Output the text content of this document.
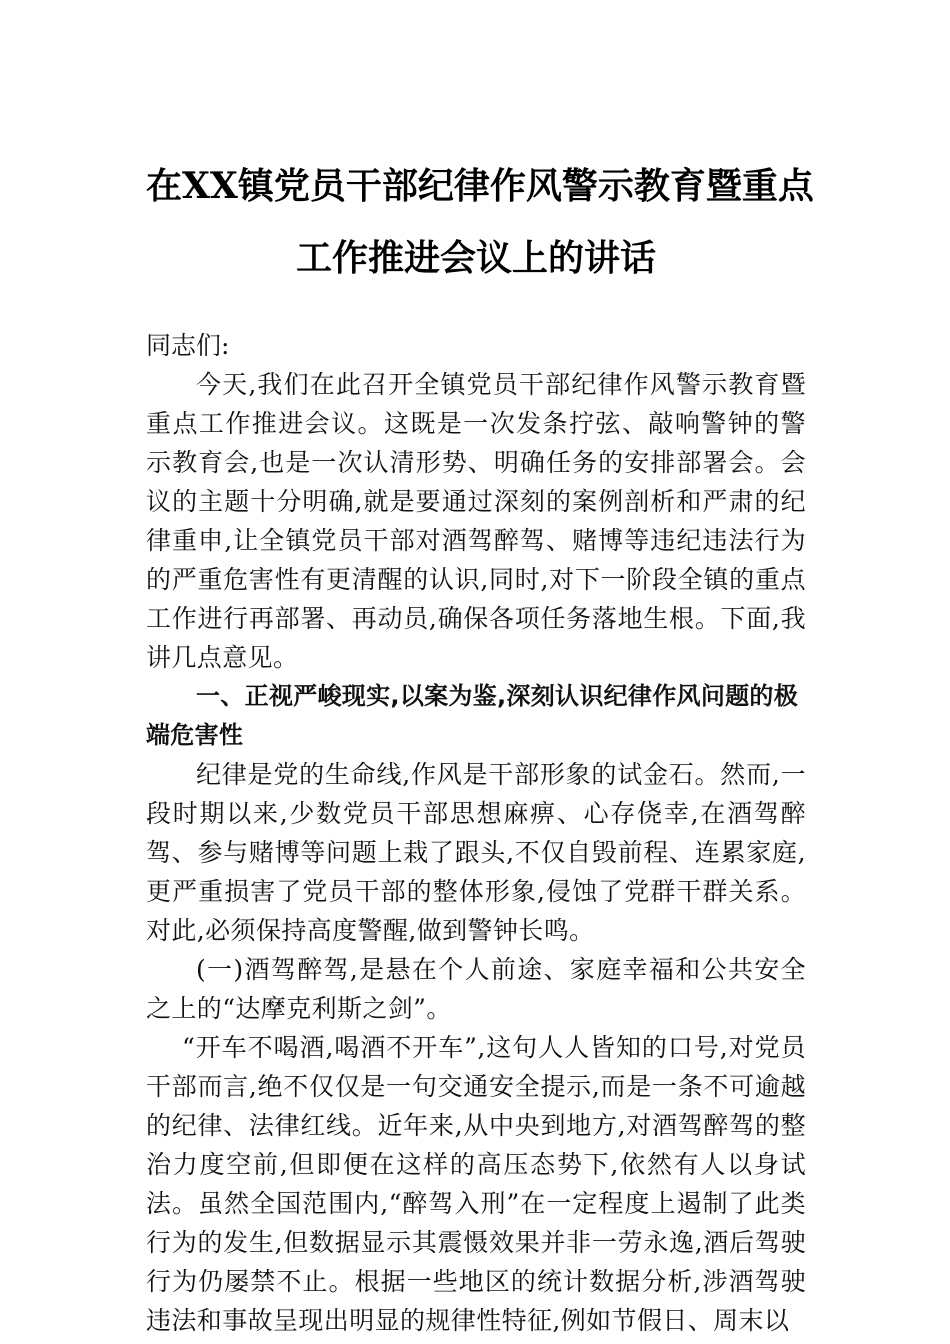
在XX镇党员干部纪律作风警示教育暨重点
工作推进会议上的讲话

同志们:

今天,我们在此召开全镇党员干部纪律作风警示教育暨重点工作推进会议。这既是一次发条拧弦、敲响警钟的警示教育会,也是一次认清形势、明确任务的安排部署会。会议的主题十分明确,就是要通过深刻的案例剖析和严肃的纪律重申,让全镇党员干部对酒驾醉驾、赌博等违纪违法行为的严重危害性有更清醒的认识,同时,对下一阶段全镇的重点工作进行再部署、再动员,确保各项任务落地生根。下面,我讲几点意见。

一、正视严峻现实,以案为鉴,深刻认识纪律作风问题的极端危害性

纪律是党的生命线,作风是干部形象的试金石。然而,一段时期以来,少数党员干部思想麻痹、心存侥幸,在酒驾醉驾、参与赌博等问题上栽了跟头,不仅自毁前程、连累家庭,更严重损害了党员干部的整体形象,侵蚀了党群干群关系。对此,必须保持高度警醒,做到警钟长鸣。

(一)酒驾醉驾,是悬在个人前途、家庭幸福和公共安全之上的“达摩克利斯之剑”。

“开车不喝酒,喝酒不开车”,这句人人皆知的口号,对党员干部而言,绝不仅仅是一句交通安全提示,而是一条不可逾越的纪律、法律红线。近年来,从中央到地方,对酒驾醉驾的整治力度空前,但即便在这样的高压态势下,依然有人以身试法。虽然全国范围内,“醉驾入刑”在一定程度上遏制了此类行为的发生,但数据显示其震慑效果并非一劳永逸,酒后驾驶行为仍屡禁不止。根据一些地区的统计数据分析,涉酒驾驶违法和事故呈现出明显的规律性特征,例如节假日、周末以
